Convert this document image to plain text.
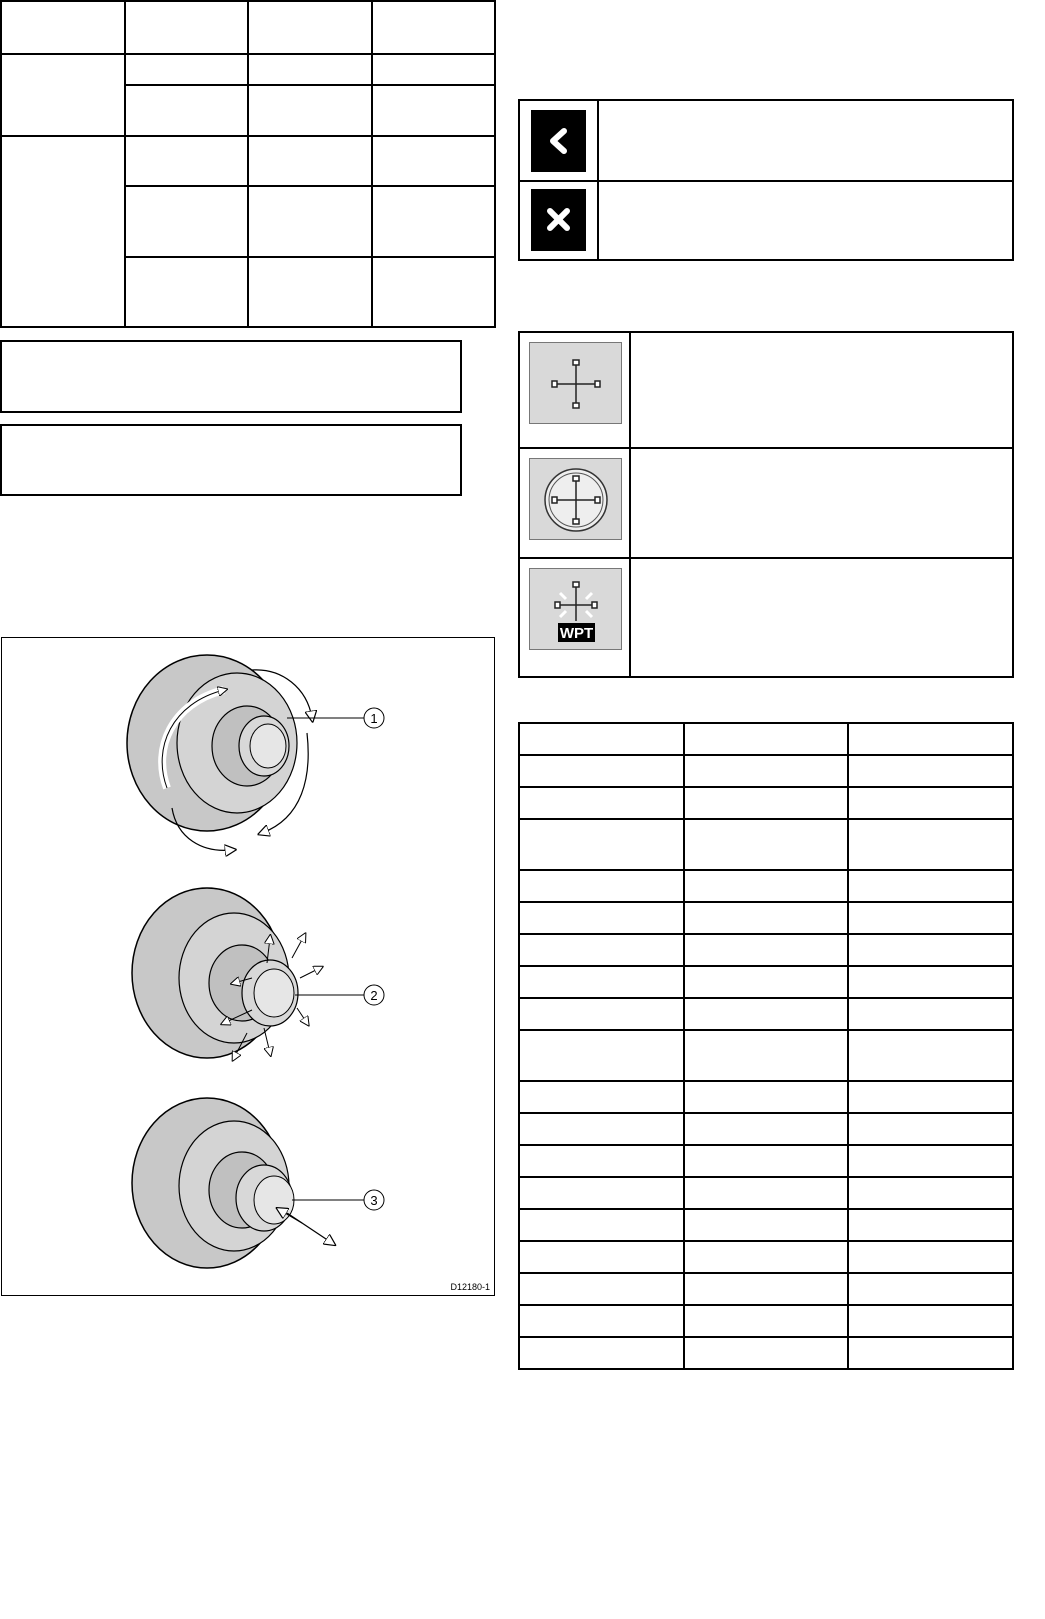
WPT

1
2
3
D12180-1
